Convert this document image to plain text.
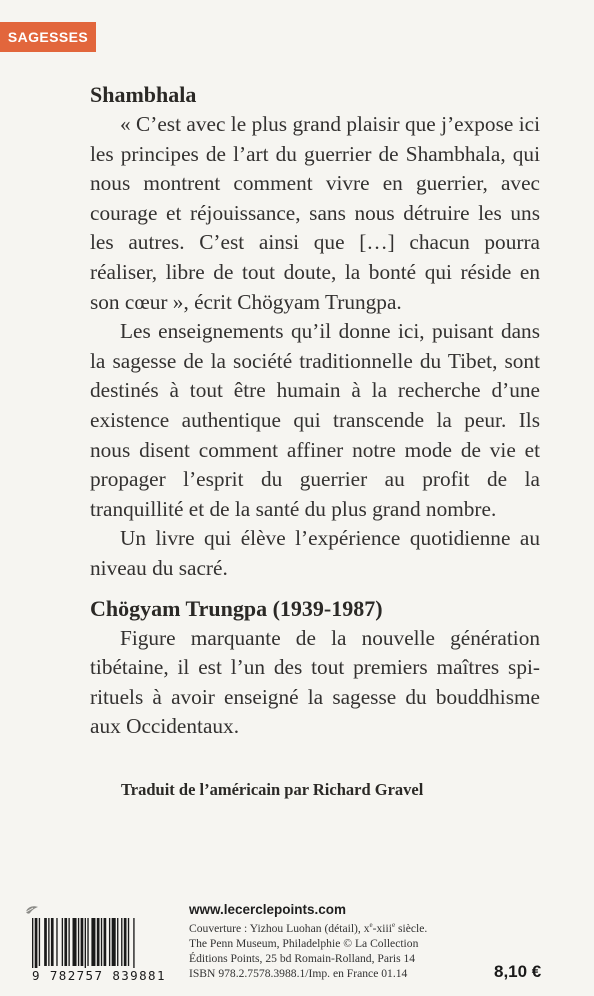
SAGESSES
Shambhala

« C’est avec le plus grand plaisir que j’expose ici les principes de l’art du guerrier de Shambhala, qui nous montrent comment vivre en guerrier, avec courage et réjouissance, sans nous détruire les uns les autres. C’est ainsi que […] chacun pourra réaliser, libre de tout doute, la bonté qui réside en son cœur », écrit Chögyam Trungpa.

Les enseignements qu’il donne ici, puisant dans la sagesse de la société traditionnelle du Tibet, sont destinés à tout être humain à la recherche d’une existence authentique qui transcende la peur. Ils nous disent comment affiner notre mode de vie et propager l’esprit du guerrier au profit de la tranquillité et de la santé du plus grand nombre.

Un livre qui élève l’expérience quotidienne au niveau du sacré.

Chögyam Trungpa (1939-1987)

Figure marquante de la nouvelle génération tibétaine, il est l’un des tout premiers maîtres spirituels à avoir enseigné la sagesse du bouddhisme aux Occidentaux.

Traduit de l’américain par Richard Gravel
9 782757 839881
www.lecerclepoints.com
Couverture : Yizhou Luohan (détail), $x^e-xiii^e$ siècle.
The Penn Museum, Philadelphie © La Collection
Éditions Points, 25 bd Romain-Rolland, Paris 14
ISBN 978.2.7578.3988.1/Imp. en France 01.14	8,10 €
